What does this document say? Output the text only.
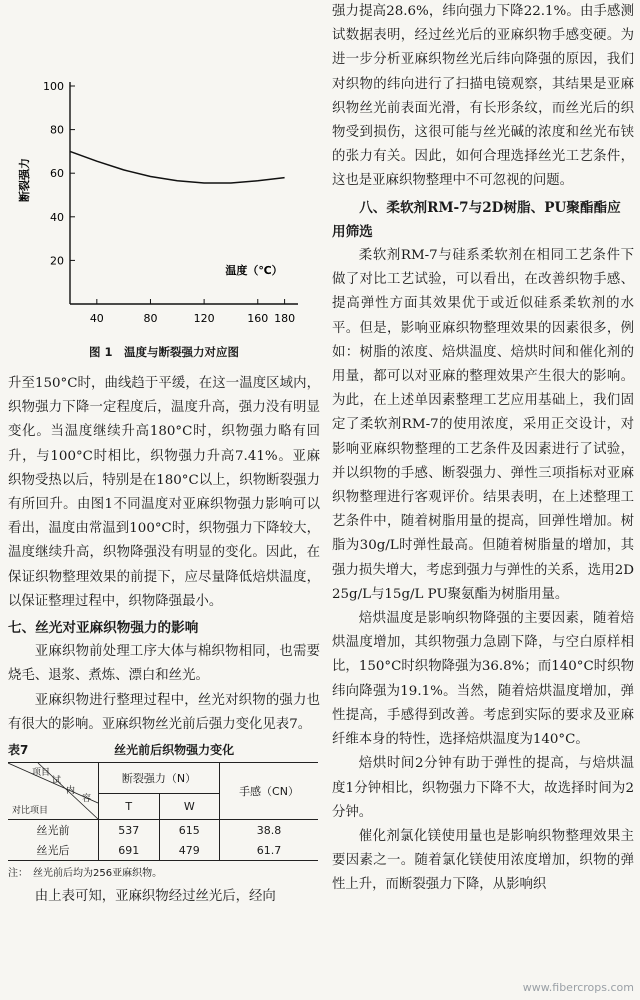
100
80
60
40
20
40	80	120	160 180
断裂强力
温度（℃）
图 1　温度与断裂强力对应图

升至150°C时，曲线趋于平缓，在这一温度区域内，织物强力下降一定程度后，温度升高，强力没有明显变化。当温度继续升高180°C时，织物强力略有回升，与100°C时相比，织物强力升高7.41%。亚麻织物受热以后，特别是在180°C以上，织物断裂强力有所回升。由图1不同温度对亚麻织物强力影响可以看出，温度由常温到100°C时，织物强力下降较大，温度继续升高，织物降强没有明显的变化。因此，在保证织物整理效果的前提下，应尽量降低焙烘温度，以保证整理过程中，织物降强最小。

七、丝光对亚麻织物强力的影响

亚麻织物前处理工序大体与棉织物相同，也需要烧毛、退浆、煮炼、漂白和丝光。

亚麻织物进行整理过程中，丝光对织物的强力也有很大的影响。亚麻织物丝光前后强力变化见表7。

表7	丝光前后织物强力变化
项目
试
内
容
对比项目	断裂强力（N）		手感（CN）
	T	W	
丝光前	537	615	38.8
丝光后	691	479	61.7
注：　丝光前后均为256亚麻织物。

由上表可知，亚麻织物经过丝光后，经向

强力提高28.6%，纬向强力下降22.1%。由手感测试数据表明，经过丝光后的亚麻织物手感变硬。为进一步分析亚麻织物丝光后纬向降强的原因，我们对织物的纬向进行了扫描电镜观察，其结果是亚麻织物丝光前表面光滑，有长形条纹，而丝光后的织物受到损伤，这很可能与丝光碱的浓度和丝光布铗的张力有关。因此，如何合理选择丝光工艺条件，这也是亚麻织物整理中不可忽视的问题。

八、柔软剂RM-7与2D树脂、PU聚酯酯应用筛选

柔软剂RM-7与硅系柔软剂在相同工艺条件下做了对比工艺试验，可以看出，在改善织物手感、提高弹性方面其效果优于或近似硅系柔软剂的水平。但是，影响亚麻织物整理效果的因素很多，例如：树脂的浓度、焙烘温度、焙烘时间和催化剂的用量，都可以对亚麻的整理效果产生很大的影响。为此，在上述单因素整理工艺应用基础上，我们固定了柔软剂RM-7的使用浓度，采用正交设计，对影响亚麻织物整理的工艺条件及因素进行了试验，并以织物的手感、断裂强力、弹性三项指标对亚麻织物整理进行客观评价。结果表明，在上述整理工艺条件中，随着树脂用量的提高，回弹性增加。树脂为30g/L时弹性最高。但随着树脂量的增加，其强力损失增大，考虑到强力与弹性的关系，选用2D 25g/L与15g/L PU聚氨酯为树脂用量。

焙烘温度是影响织物降强的主要因素，随着焙烘温度增加，其织物强力急剧下降，与空白原样相比，150°C时织物降强为36.8%；而140°C时织物纬向降强为19.1%。当然，随着焙烘温度增加，弹性提高，手感得到改善。考虑到实际的要求及亚麻纤维本身的特性，选择焙烘温度为140°C。

焙烘时间2分钟有助于弹性的提高，与焙烘温度1分钟相比，织物强力下降不大，故选择时间为2分钟。

催化剂氯化镁使用量也是影响织物整理效果主要因素之一。随着氯化镁使用浓度增加，织物的弹性上升，而断裂强力下降，从影响织

www.fibercrops.com
